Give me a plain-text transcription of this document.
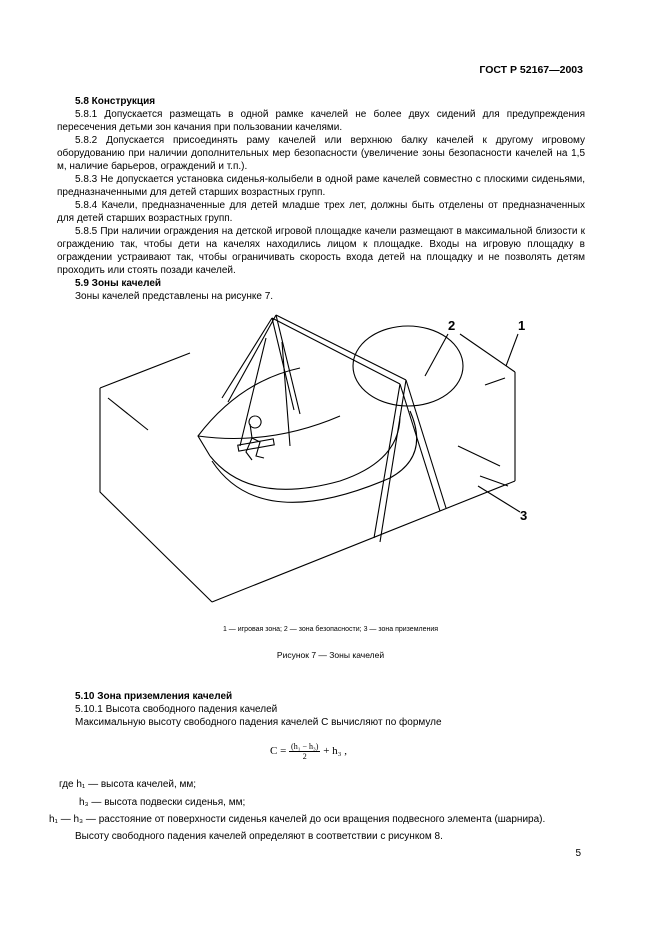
ГОСТ Р 52167—2003

5.8 Конструкция

5.8.1 Допускается размещать в одной рамке качелей не более двух сидений для предупреждения пересечения детьми зон качания при пользовании качелями.

5.8.2 Допускается присоединять раму качелей или верхнюю балку качелей к другому игровому оборудованию при наличии дополнительных мер безопасности (увеличение зоны безопасности качелей на 1,5 м, наличие барьеров, ограждений и т.п.).

5.8.3 Не допускается установка сиденья-колыбели в одной раме качелей совместно с плоскими сиденьями, предназначенными для детей старших возрастных групп.

5.8.4 Качели, предназначенные для детей младше трех лет, должны быть отделены от предназначенных для детей старших возрастных групп.

5.8.5 При наличии ограждения на детской игровой площадке качели размещают в максимальной близости к ограждению так, чтобы дети на качелях находились лицом к площадке. Входы на игровую площадку в ограждении устраивают так, чтобы ограничивать скорость входа детей на площадку и не позволять детям проходить или стоять позади качелей.

5.9 Зоны качелей

Зоны качелей представлены на рисунке 7.

2	1
3
1 — игровая зона; 2 — зона безопасности; 3 — зона приземления
Рисунок 7 — Зоны качелей

5.10 Зона приземления качелей

5.10.1 Высота свободного падения качелей

Максимальную высоту свободного падения качелей C вычисляют по формуле

$C = \frac{\text{(h₁ − h₃)}}{2} + h_3$ ,
где h₁ — высота качелей, мм;
h₃ — высота подвески сиденья, мм;
h₁ — h₃ — расстояние от поверхности сиденья качелей до оси вращения подвесного элемента (шарнира).
Высоту свободного падения качелей определяют в соответствии с рисунком 8.
5
